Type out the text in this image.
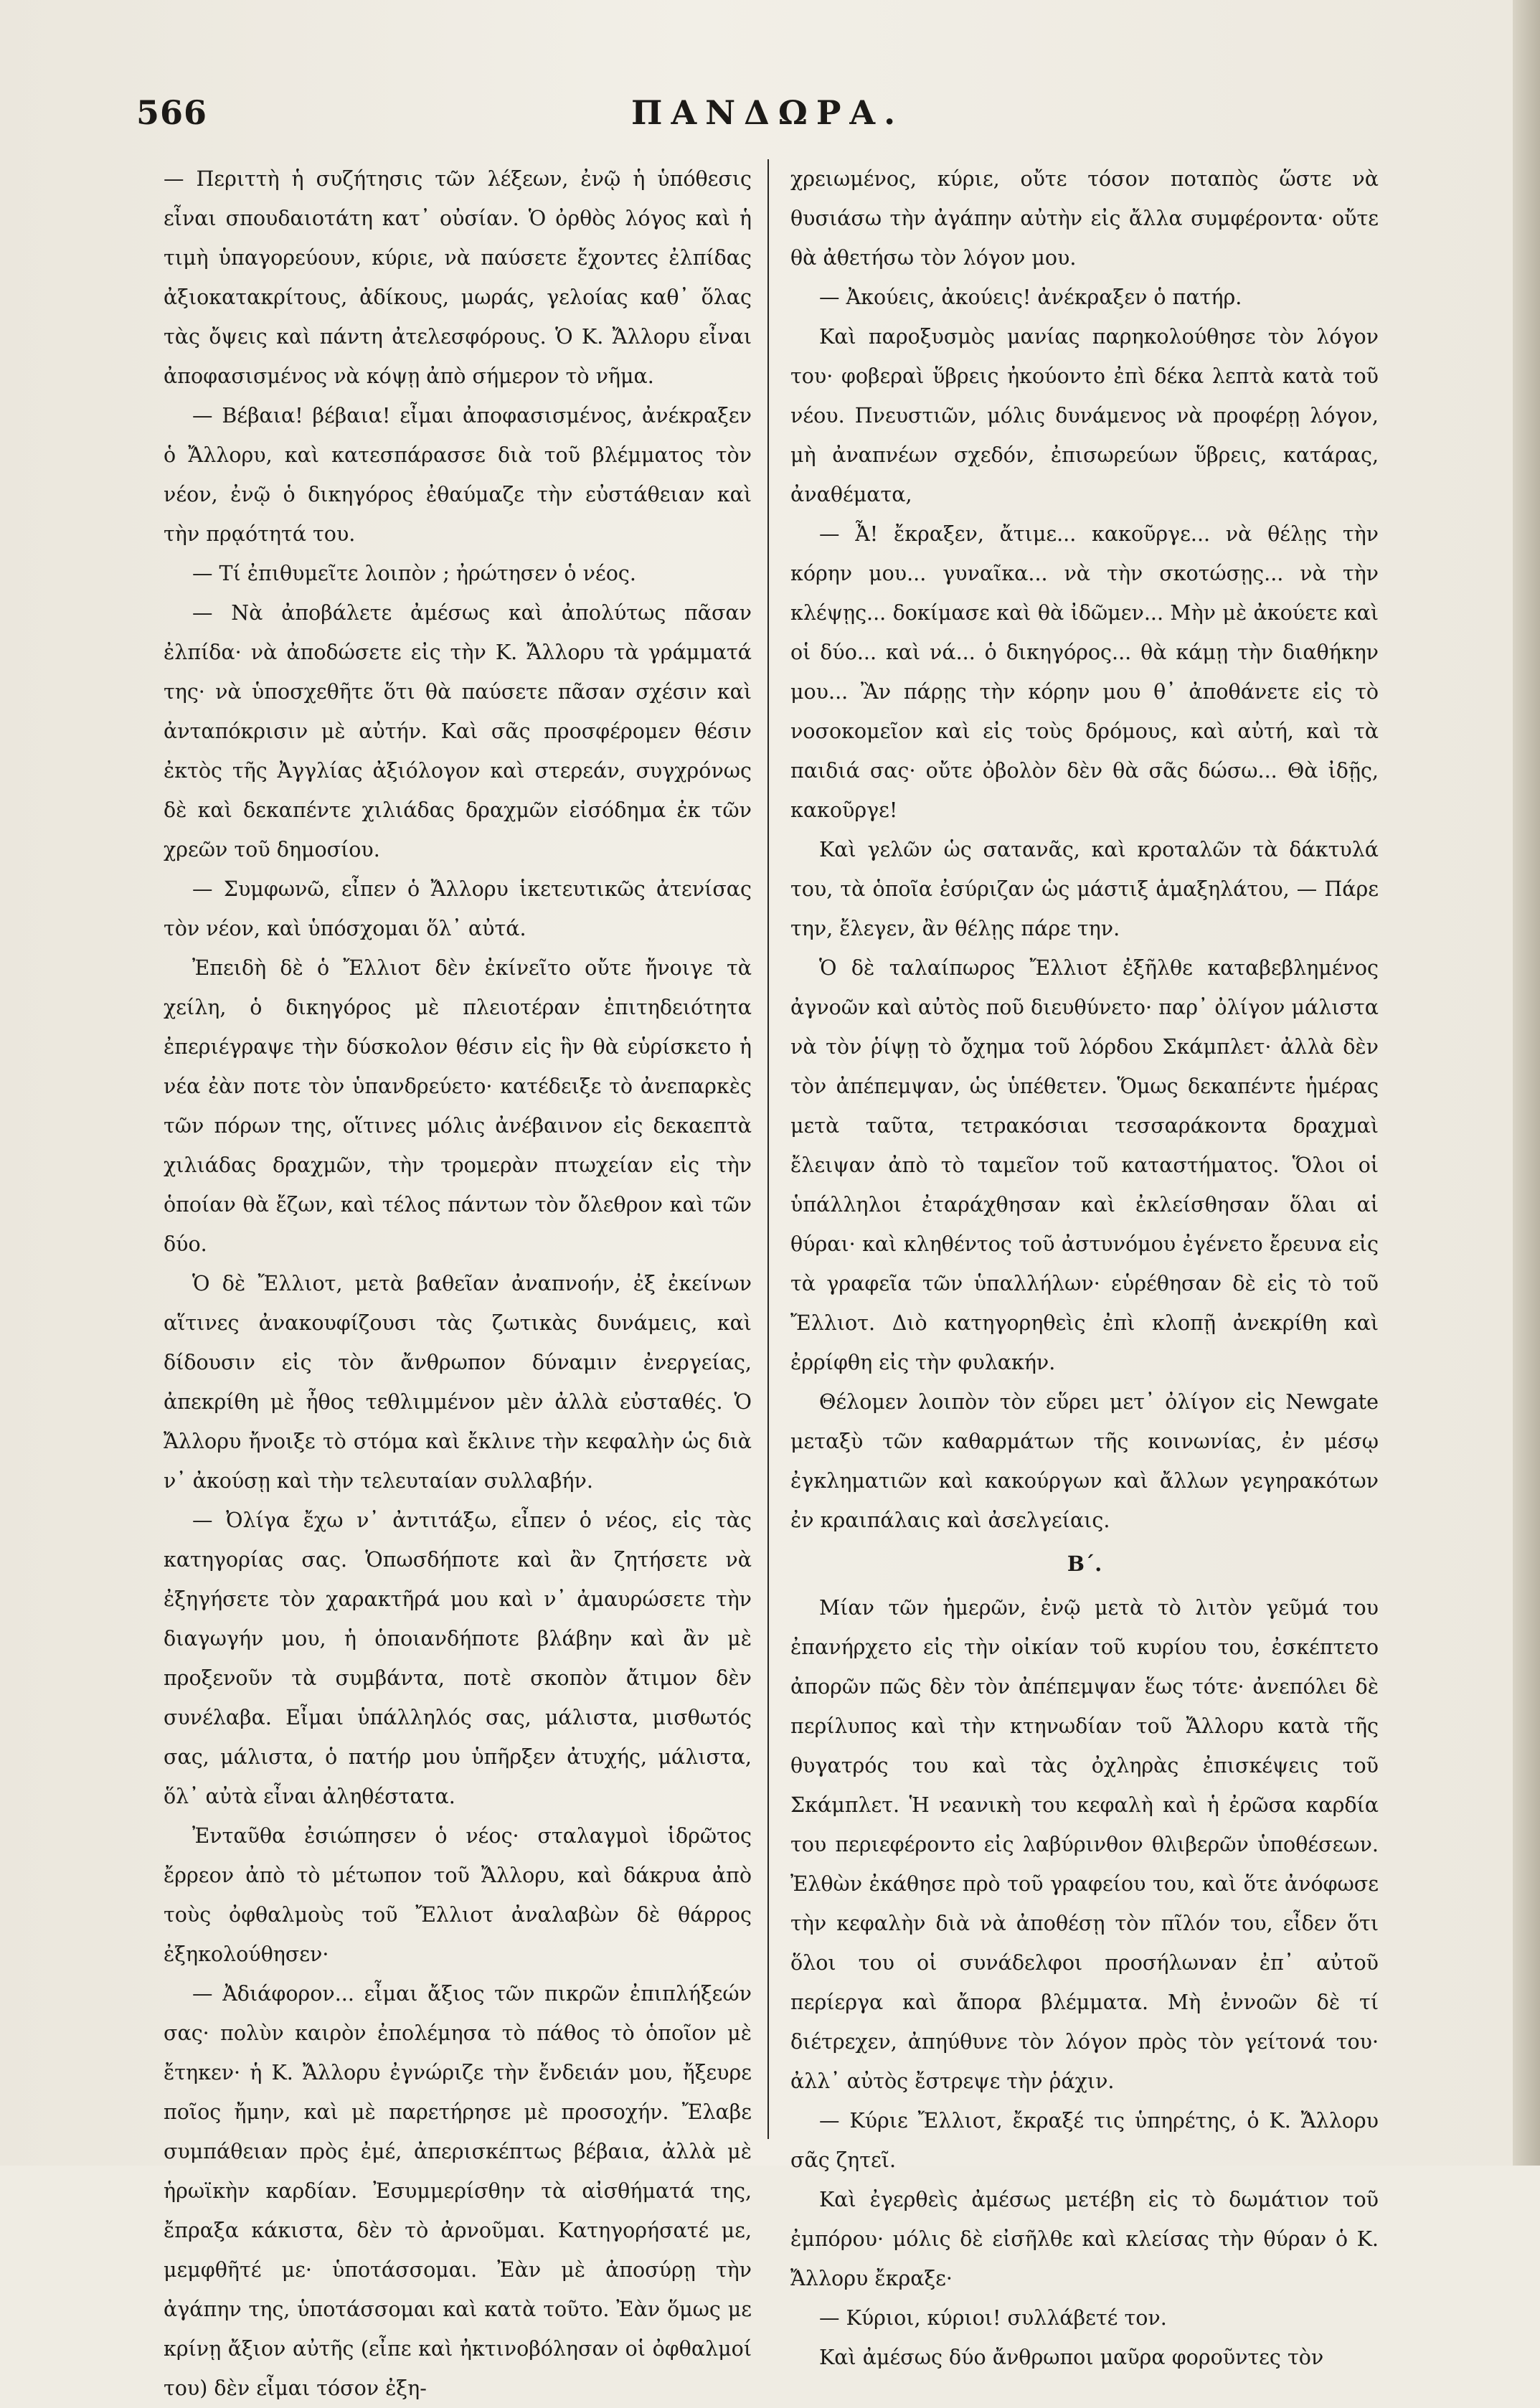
566	ΠΑΝΔΩΡΑ.

— Περιττὴ ἡ συζήτησις τῶν λέξεων, ἐνῷ ἡ ὑπόθεσις εἶναι σπουδαιοτάτη κατ᾽ οὐσίαν. Ὁ ὀρθὸς λόγος καὶ ἡ τιμὴ ὑπαγορεύουν, κύριε, νὰ παύσετε ἔχοντες ἐλπίδας ἀξιοκατακρίτους, ἀδίκους, μωράς, γελοίας καθ᾽ ὅλας τὰς ὄψεις καὶ πάντη ἀτελεσφόρους. Ὁ Κ. Ἄλλορυ εἶναι ἀποφασισμένος νὰ κόψῃ ἀπὸ σήμερον τὸ νῆμα.

— Βέβαια! βέβαια! εἶμαι ἀποφασισμένος, ἀνέκραξεν ὁ Ἄλλορυ, καὶ κατεσπάρασσε διὰ τοῦ βλέμματος τὸν νέον, ἐνῷ ὁ δικηγόρος ἐθαύμαζε τὴν εὐστάθειαν καὶ τὴν πρᾳότητά του.

— Τί ἐπιθυμεῖτε λοιπὸν ; ἠρώτησεν ὁ νέος.

— Νὰ ἀποβάλετε ἀμέσως καὶ ἀπολύτως πᾶσαν ἐλπίδα· νὰ ἀποδώσετε εἰς τὴν Κ. Ἄλλορυ τὰ γράμματά της· νὰ ὑποσχεθῆτε ὅτι θὰ παύσετε πᾶσαν σχέσιν καὶ ἀνταπόκρισιν μὲ αὐτήν. Καὶ σᾶς προσφέρομεν θέσιν ἐκτὸς τῆς Ἀγγλίας ἀξιόλογον καὶ στερεάν, συγχρόνως δὲ καὶ δεκαπέντε χιλιάδας δραχμῶν εἰσόδημα ἐκ τῶν χρεῶν τοῦ δημοσίου.

— Συμφωνῶ, εἶπεν ὁ Ἄλλορυ ἱκετευτικῶς ἀτενίσας τὸν νέον, καὶ ὑπόσχομαι ὅλ᾽ αὐτά.

Ἐπειδὴ δὲ ὁ Ἔλλιοτ δὲν ἐκίνεῖτο οὔτε ἤνοιγε τὰ χείλη, ὁ δικηγόρος μὲ πλειοτέραν ἐπιτηδειότητα ἐπεριέγραψε τὴν δύσκολον θέσιν εἰς ἣν θὰ εὑρίσκετο ἡ νέα ἐὰν ποτε τὸν ὑπανδρεύετο· κατέδειξε τὸ ἀνεπαρκὲς τῶν πόρων της, οἵτινες μόλις ἀνέβαινον εἰς δεκαεπτὰ χιλιάδας δραχμῶν, τὴν τρομερὰν πτωχείαν εἰς τὴν ὁποίαν θὰ ἔζων, καὶ τέλος πάντων τὸν ὄλεθρον καὶ τῶν δύο.

Ὁ δὲ Ἔλλιοτ, μετὰ βαθεῖαν ἀναπνοήν, ἐξ ἐκείνων αἵτινες ἀνακουφίζουσι τὰς ζωτικὰς δυνάμεις, καὶ δίδουσιν εἰς τὸν ἄνθρωπον δύναμιν ἐνεργείας, ἀπεκρίθη μὲ ἦθος τεθλιμμένον μὲν ἀλλὰ εὐσταθές. Ὁ Ἄλλορυ ἤνοιξε τὸ στόμα καὶ ἔκλινε τὴν κεφαλὴν ὡς διὰ ν᾽ ἀκούσῃ καὶ τὴν τελευταίαν συλλαβήν.

— Ὀλίγα ἔχω ν᾽ ἀντιτάξω, εἶπεν ὁ νέος, εἰς τὰς κατηγορίας σας. Ὁπωσδήποτε καὶ ἂν ζητήσετε νὰ ἐξηγήσετε τὸν χαρακτῆρά μου καὶ ν᾽ ἀμαυρώσετε τὴν διαγωγήν μου, ἡ ὁποιανδήποτε βλάβην καὶ ἂν μὲ προξενοῦν τὰ συμβάντα, ποτὲ σκοπὸν ἄτιμον δὲν συνέλαβα. Εἶμαι ὑπάλληλός σας, μάλιστα, μισθωτός σας, μάλιστα, ὁ πατήρ μου ὑπῆρξεν ἀτυχής, μάλιστα, ὅλ᾽ αὐτὰ εἶναι ἀληθέστατα.

Ἐνταῦθα ἐσιώπησεν ὁ νέος· σταλαγμοὶ ἱδρῶτος ἔρρεον ἀπὸ τὸ μέτωπον τοῦ Ἄλλορυ, καὶ δάκρυα ἀπὸ τοὺς ὀφθαλμοὺς τοῦ Ἔλλιοτ ἀναλαβὼν δὲ θάρρος ἐξηκολούθησεν·

— Ἀδιάφορον... εἶμαι ἄξιος τῶν πικρῶν ἐπιπλήξεών σας· πολὺν καιρὸν ἐπολέμησα τὸ πάθος τὸ ὁποῖον μὲ ἔτηκεν· ἡ Κ. Ἄλλορυ ἐγνώριζε τὴν ἔνδειάν μου, ἤξευρε ποῖος ἤμην, καὶ μὲ παρετήρησε μὲ προσοχήν. Ἔλαβε συμπάθειαν πρὸς ἐμέ, ἀπερισκέπτως βέβαια, ἀλλὰ μὲ ἡρωϊκὴν καρδίαν. Ἐσυμμερίσθην τὰ αἰσθήματά της, ἔπραξα κάκιστα, δὲν τὸ ἀρνοῦμαι. Κατηγορήσατέ με, μεμφθῆτέ με· ὑποτάσσομαι. Ἐὰν μὲ ἀποσύρῃ τὴν ἀγάπην της, ὑποτάσσομαι καὶ κατὰ τοῦτο. Ἐὰν ὅμως με κρίνῃ ἄξιον αὐτῆς (εἶπε καὶ ἠκτινοβόλησαν οἱ ὀφθαλμοί του) δὲν εἶμαι τόσον ἐξη-

χρειωμένος, κύριε, οὔτε τόσον ποταπὸς ὥστε νὰ θυσιάσω τὴν ἀγάπην αὐτὴν εἰς ἄλλα συμφέροντα· οὔτε θὰ ἀθετήσω τὸν λόγον μου.

— Ἀκούεις, ἀκούεις! ἀνέκραξεν ὁ πατήρ.

Καὶ παροξυσμὸς μανίας παρηκολούθησε τὸν λόγον του· φοβεραὶ ὕβρεις ἠκούοντο ἐπὶ δέκα λεπτὰ κατὰ τοῦ νέου. Πνευστιῶν, μόλις δυνάμενος νὰ προφέρῃ λόγον, μὴ ἀναπνέων σχεδόν, ἐπισωρεύων ὕβρεις, κατάρας, ἀναθέματα,

— Ἆ! ἔκραξεν, ἄτιμε... κακοῦργε... νὰ θέλῃς τὴν κόρην μου... γυναῖκα... νὰ τὴν σκοτώσῃς... νὰ τὴν κλέψῃς... δοκίμασε καὶ θὰ ἰδῶμεν... Μὴν μὲ ἀκούετε καὶ οἱ δύο... καὶ νά... ὁ δικηγόρος... θὰ κάμῃ τὴν διαθήκην μου... Ἂν πάρῃς τὴν κόρην μου θ᾽ ἀποθάνετε εἰς τὸ νοσοκομεῖον καὶ εἰς τοὺς δρόμους, καὶ αὐτή, καὶ τὰ παιδιά σας· οὔτε ὀβολὸν δὲν θὰ σᾶς δώσω... Θὰ ἰδῇς, κακοῦργε!

Καὶ γελῶν ὡς σατανᾶς, καὶ κροταλῶν τὰ δάκτυλά του, τὰ ὁποῖα ἐσύριζαν ὡς μάστιξ ἁμαξηλάτου, — Πάρε την, ἔλεγεν, ἂν θέλῃς πάρε την.

Ὁ δὲ ταλαίπωρος Ἔλλιοτ ἐξῆλθε καταβεβλημένος ἀγνοῶν καὶ αὐτὸς ποῦ διευθύνετο· παρ᾽ ὀλίγον μάλιστα νὰ τὸν ῥίψῃ τὸ ὄχημα τοῦ λόρδου Σκάμπλετ· ἀλλὰ δὲν τὸν ἀπέπεμψαν, ὡς ὑπέθετεν. Ὅμως δεκαπέντε ἡμέρας μετὰ ταῦτα, τετρακόσιαι τεσσαράκοντα δραχμαὶ ἔλειψαν ἀπὸ τὸ ταμεῖον τοῦ καταστήματος. Ὅλοι οἱ ὑπάλληλοι ἐταράχθησαν καὶ ἐκλείσθησαν ὅλαι αἱ θύραι· καὶ κληθέντος τοῦ ἀστυνόμου ἐγένετο ἔρευνα εἰς τὰ γραφεῖα τῶν ὑπαλλήλων· εὑρέθησαν δὲ εἰς τὸ τοῦ Ἔλλιοτ. Διὸ κατηγορηθεὶς ἐπὶ κλοπῇ ἀνεκρίθη καὶ ἐρρίφθη εἰς τὴν φυλακήν.

Θέλομεν λοιπὸν τὸν εὕρει μετ᾽ ὀλίγον εἰς Newgate μεταξὺ τῶν καθαρμάτων τῆς κοινωνίας, ἐν μέσῳ ἐγκληματιῶν καὶ κακούργων καὶ ἄλλων γεγηρακότων ἐν κραιπάλαις καὶ ἀσελγείαις.

Β΄.

Μίαν τῶν ἡμερῶν, ἐνῷ μετὰ τὸ λιτὸν γεῦμά του ἐπανήρχετο εἰς τὴν οἰκίαν τοῦ κυρίου του, ἐσκέπτετο ἀπορῶν πῶς δὲν τὸν ἀπέπεμψαν ἕως τότε· ἀνεπόλει δὲ περίλυπος καὶ τὴν κτηνωδίαν τοῦ Ἄλλορυ κατὰ τῆς θυγατρός του καὶ τὰς ὀχληρὰς ἐπισκέψεις τοῦ Σκάμπλετ. Ἡ νεανικὴ του κεφαλὴ καὶ ἡ ἐρῶσα καρδία του περιεφέροντο εἰς λαβύρινθον θλιβερῶν ὑποθέσεων. Ἐλθὼν ἐκάθησε πρὸ τοῦ γραφείου του, καὶ ὅτε ἀνόφωσε τὴν κεφαλὴν διὰ νὰ ἀποθέσῃ τὸν πῖλόν του, εἶδεν ὅτι ὅλοι του οἱ συνάδελφοι προσήλωναν ἐπ᾽ αὐτοῦ περίεργα καὶ ἄπορα βλέμματα. Μὴ ἐννοῶν δὲ τί διέτρεχεν, ἀπηύθυνε τὸν λόγον πρὸς τὸν γείτονά του· ἀλλ᾽ αὐτὸς ἔστρεψε τὴν ῥάχιν.

— Κύριε Ἔλλιοτ, ἔκραξέ τις ὑπηρέτης, ὁ Κ. Ἄλλορυ σᾶς ζητεῖ.

Καὶ ἐγερθεὶς ἀμέσως μετέβη εἰς τὸ δωμάτιον τοῦ ἐμπόρου· μόλις δὲ εἰσῆλθε καὶ κλείσας τὴν θύραν ὁ Κ. Ἄλλορυ ἔκραξε·

— Κύριοι, κύριοι! συλλάβετέ τον.

Καὶ ἀμέσως δύο ἄνθρωποι μαῦρα φοροῦντες τὸν
